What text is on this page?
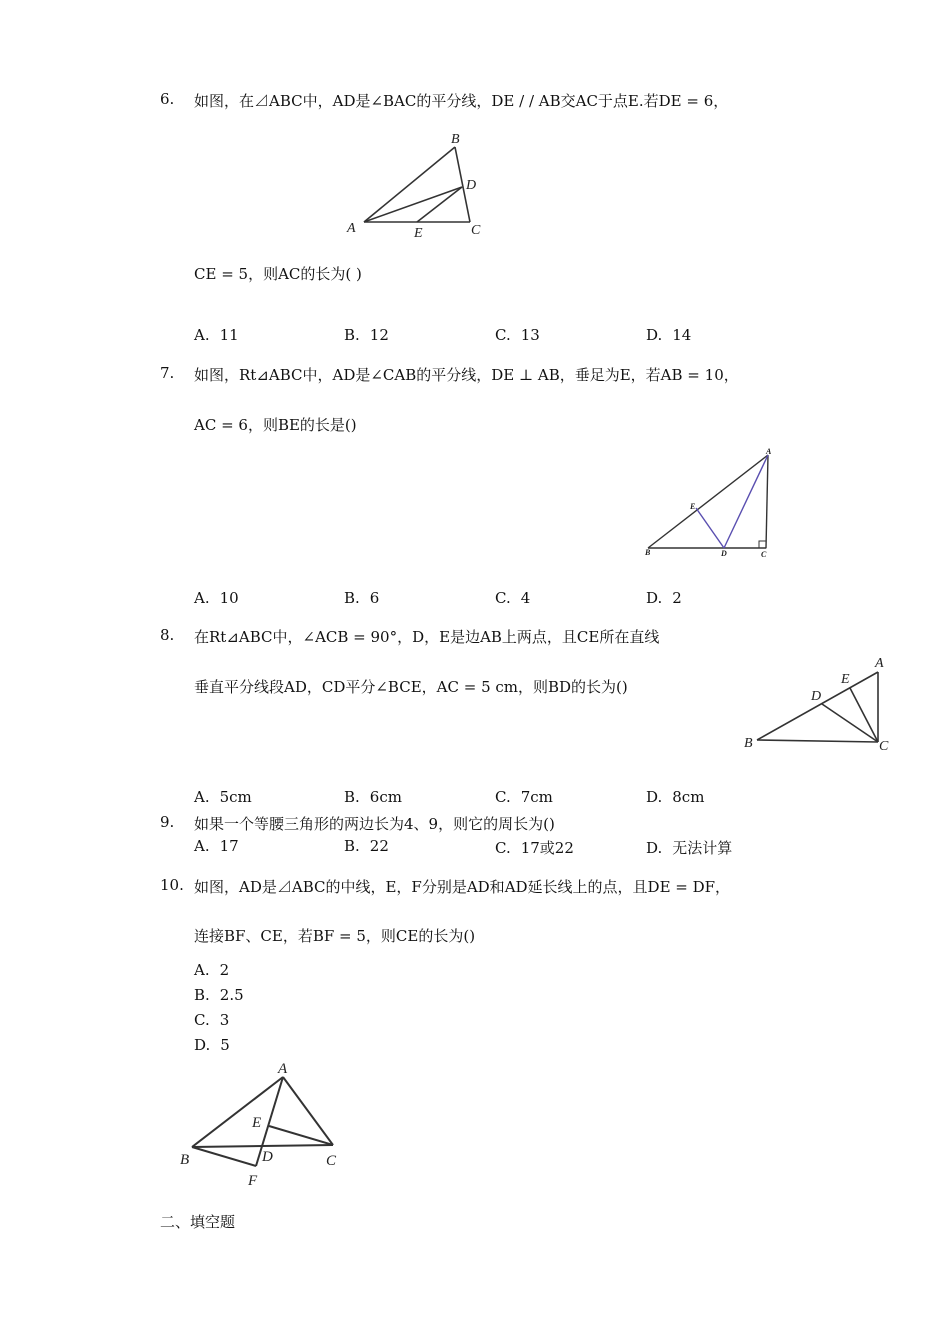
6. 如图，在⊿ABC中，AD是∠BAC的平分线，DE / / AB交AC于点E.若DE = 6，
B
D
A	E	C
CE = 5，则AC的长为( )
A. 11	B. 12	C. 13	D. 14
7. 如图，Rt⊿ABC中，AD是∠CAB的平分线，DE ⊥ AB，垂足为E，若AB = 10，
AC = 6，则BE的长是()
A
E
B	D	C
A. 10	B. 6	C. 4	D. 2
8. 在Rt⊿ABC中，∠ACB = 90°，D，E是边AB上两点，且CE所在直线
垂直平分线段AD，CD平分∠BCE，AC = 5 cm，则BD的长为()
A
E
D
B	C
A. 5cm	B. 6cm	C. 7cm	D. 8cm
9. 如果一个等腰三角形的两边长为4、9，则它的周长为()
A. 17	B. 22	C. 17或22	D. 无法计算
10. 如图，AD是⊿ABC的中线，E，F分别是AD和AD延长线上的点，且DE = DF，
连接BF、CE，若BF = 5，则CE的长为()
A. 2
B. 2.5
C. 3
D. 5
A
E
B	D	C
F
二、填空题
